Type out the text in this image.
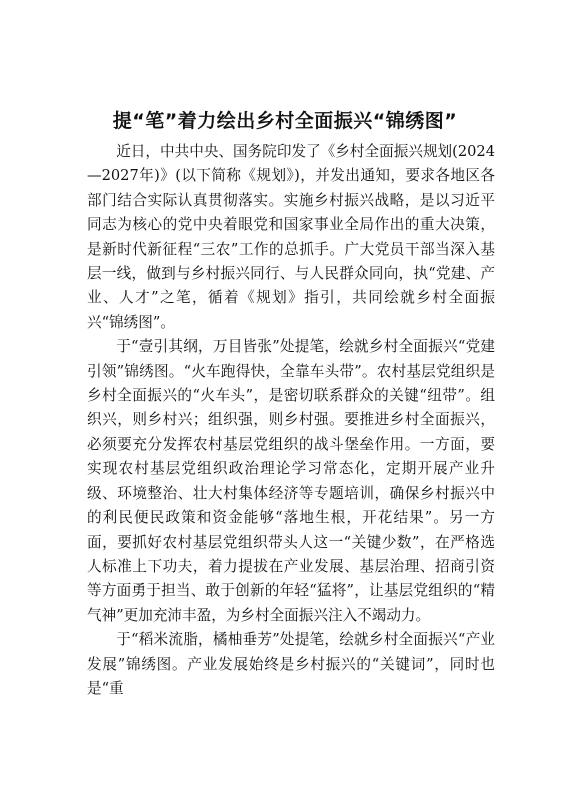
提“笔”着力绘出乡村全面振兴“锦绣图”

近日，中共中央、国务院印发了《乡村全面振兴规划(2024—2027年)》(以下简称《规划》)，并发出通知，要求各地区各部门结合实际认真贯彻落实。实施乡村振兴战略，是以习近平同志为核心的党中央着眼党和国家事业全局作出的重大决策，是新时代新征程“三农”工作的总抓手。广大党员干部当深入基层一线，做到与乡村振兴同行、与人民群众同向，执“党建、产业、人才”之笔，循着《规划》指引，共同绘就乡村全面振兴“锦绣图”。

于“壹引其纲，万目皆张”处提笔，绘就乡村全面振兴“党建引领”锦绣图。“火车跑得快，全靠车头带”。农村基层党组织是乡村全面振兴的“火车头”，是密切联系群众的关键“纽带”。组织兴，则乡村兴；组织强，则乡村强。要推进乡村全面振兴，必须要充分发挥农村基层党组织的战斗堡垒作用。一方面，要实现农村基层党组织政治理论学习常态化，定期开展产业升级、环境整治、壮大村集体经济等专题培训，确保乡村振兴中的利民便民政策和资金能够“落地生根，开花结果”。另一方面，要抓好农村基层党组织带头人这一“关键少数”，在严格选人标准上下功夫，着力提拔在产业发展、基层治理、招商引资等方面勇于担当、敢于创新的年轻“猛将”，让基层党组织的“精气神”更加充沛丰盈，为乡村全面振兴注入不竭动力。

于“稻米流脂，橘柚垂芳”处提笔，绘就乡村全面振兴“产业发展”锦绣图。产业发展始终是乡村振兴的“关键词”，同时也是“重
